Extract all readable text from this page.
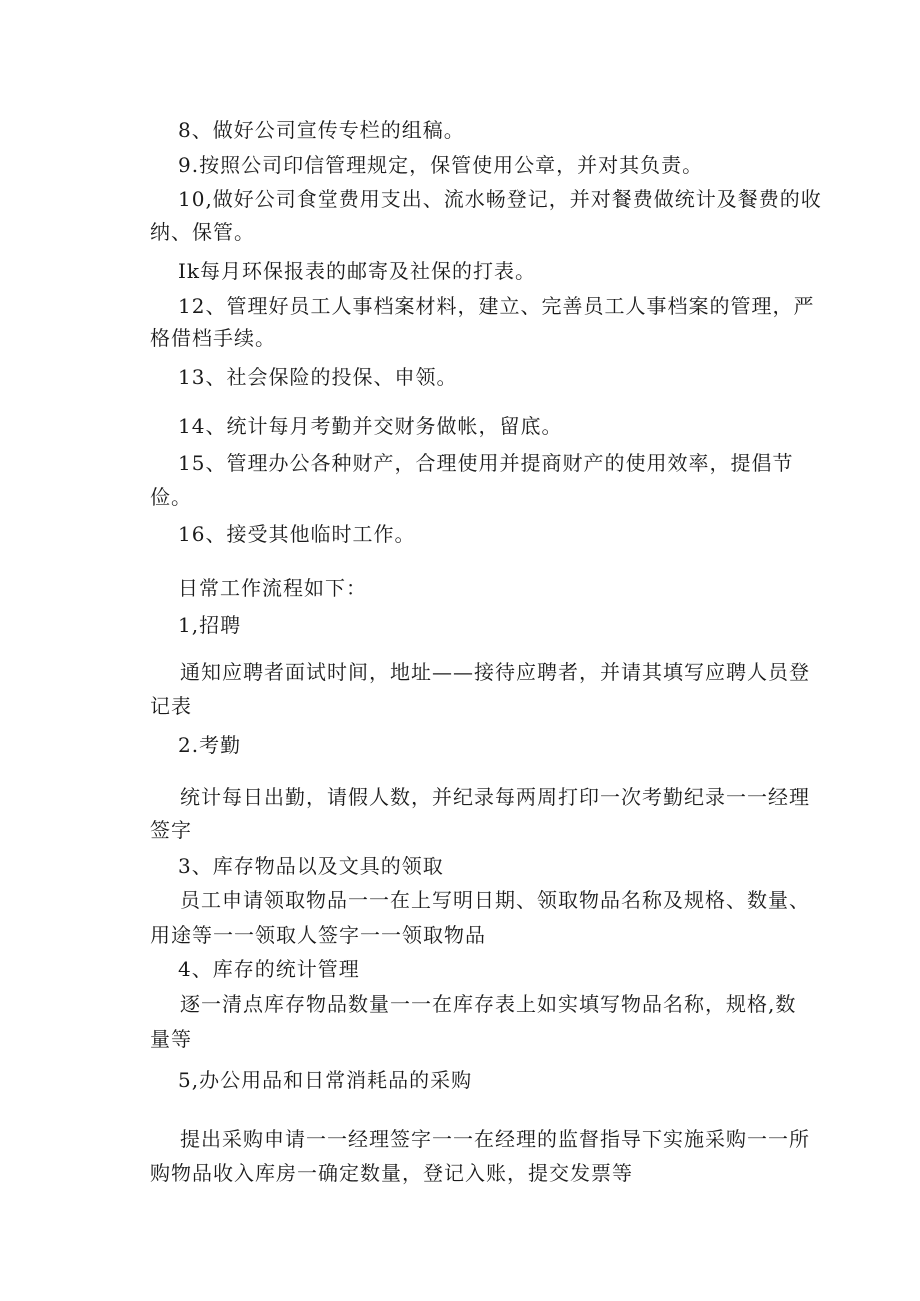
8、做好公司宣传专栏的组稿。
9.按照公司印信管理规定，保管使用公章，并对其负责。
10,做好公司食堂费用支出、流水畅登记，并对餐费做统计及餐费的收
纳、保管。
Ik每月环保报表的邮寄及社保的打表。
12、管理好员工人事档案材料，建立、完善员工人事档案的管理，严
格借档手续。
13、社会保险的投保、申领。
14、统计每月考勤并交财务做帐，留底。
15、管理办公各种财产，合理使用并提商财产的使用效率，提倡节
俭。
16、接受其他临时工作。
日常工作流程如下：
1,招聘
通知应聘者面试时间，地址——接待应聘者，并请其填写应聘人员登
记表
2.考勤
统计每日出勤，请假人数，并纪录每两周打印一次考勤纪录一一经理
签字
3、库存物品以及文具的领取
员工申请领取物品一一在上写明日期、领取物品名称及规格、数量、
用途等一一领取人签字一一领取物品
4、库存的统计管理
逐一清点库存物品数量一一在库存表上如实填写物品名称，规格,数
量等
5,办公用品和日常消耗品的采购
提出采购申请一一经理签字一一在经理的监督指导下实施采购一一所
购物品收入库房一确定数量，登记入账，提交发票等
